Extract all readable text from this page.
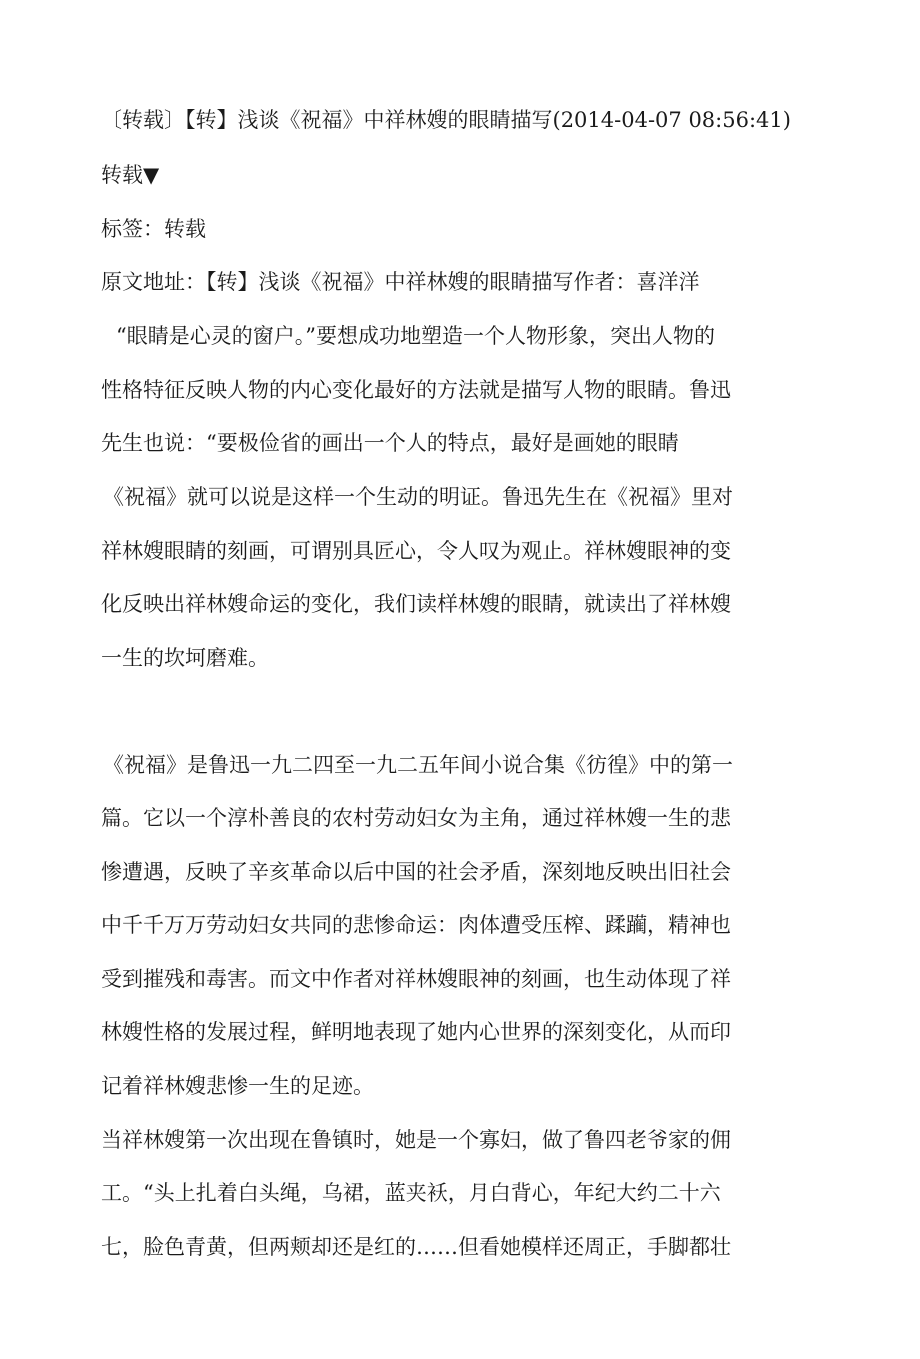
〔转载〕【转】浅谈《祝福》中祥林嫂的眼睛描写(2014-04-07 08:56:41)
转载▼
标签：转载
原文地址：【转】浅谈《祝福》中祥林嫂的眼睛描写作者：喜洋洋
“眼睛是心灵的窗户。”要想成功地塑造一个人物形象，突出人物的
性格特征反映人物的内心变化最好的方法就是描写人物的眼睛。鲁迅
先生也说：“要极俭省的画出一个人的特点，最好是画她的眼睛
《祝福》就可以说是这样一个生动的明证。鲁迅先生在《祝福》里对
祥林嫂眼睛的刻画，可谓别具匠心，令人叹为观止。祥林嫂眼神的变
化反映出祥林嫂命运的变化，我们读样林嫂的眼睛，就读出了祥林嫂
一生的坎坷磨难。
《祝福》是鲁迅一九二四至一九二五年间小说合集《彷徨》中的第一
篇。它以一个淳朴善良的农村劳动妇女为主角，通过祥林嫂一生的悲
惨遭遇，反映了辛亥革命以后中国的社会矛盾，深刻地反映出旧社会
中千千万万劳动妇女共同的悲惨命运：肉体遭受压榨、蹂躏，精神也
受到摧残和毒害。而文中作者对祥林嫂眼神的刻画，也生动体现了祥
林嫂性格的发展过程，鲜明地表现了她内心世界的深刻变化，从而印
记着祥林嫂悲惨一生的足迹。
当祥林嫂第一次出现在鲁镇时，她是一个寡妇，做了鲁四老爷家的佣
工。“头上扎着白头绳，乌裙，蓝夹袄，月白背心，年纪大约二十六
七，脸色青黄，但两颊却还是红的……但看她模样还周正，手脚都壮
